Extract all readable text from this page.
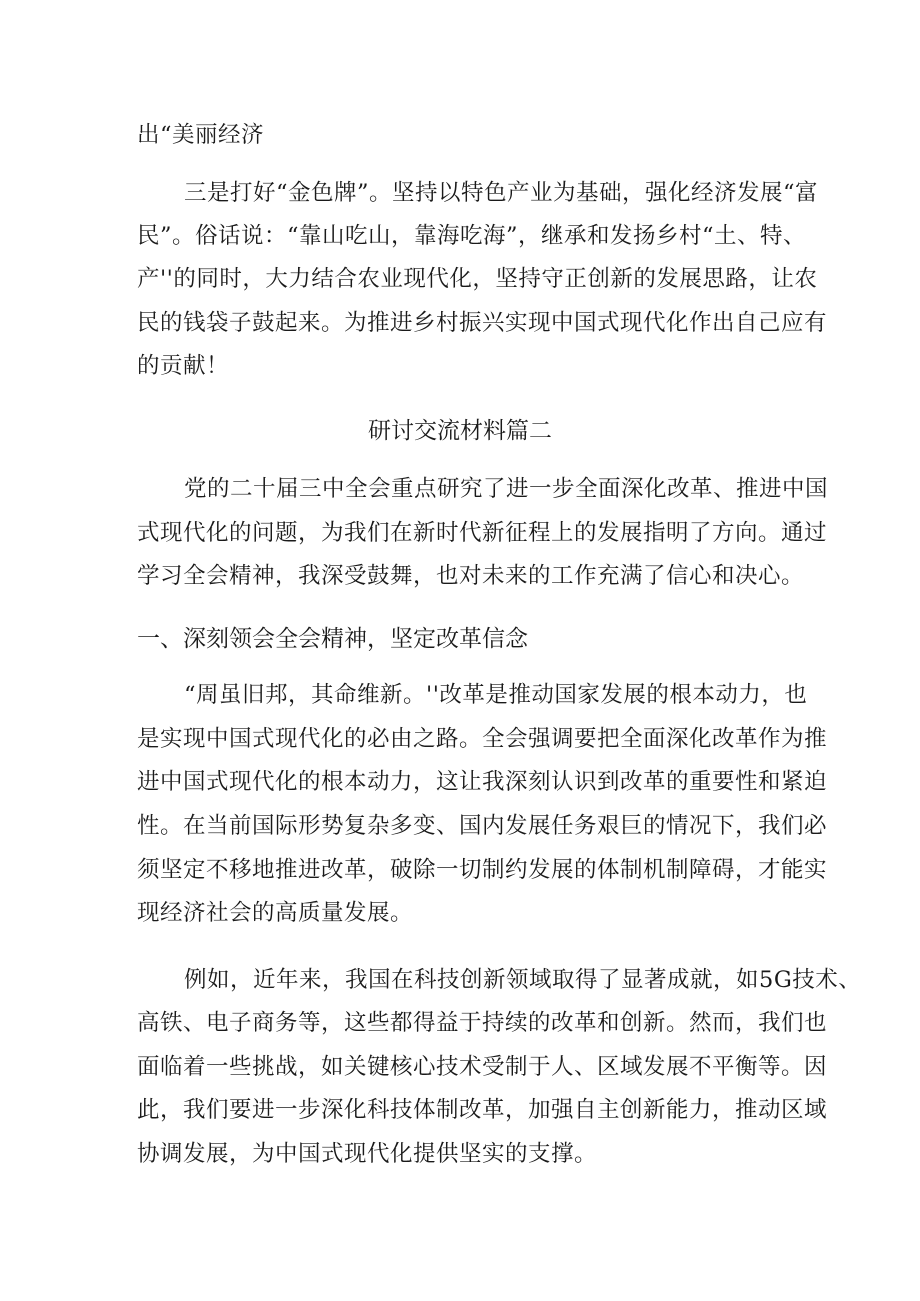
出“美丽经济
三是打好“金色牌”。坚持以特色产业为基础，强化经济发展“富
民”。俗话说：“靠山吃山，靠海吃海”，继承和发扬乡村“土、特、
产''的同时，大力结合农业现代化，坚持守正创新的发展思路，让农
民的钱袋子鼓起来。为推进乡村振兴实现中国式现代化作出自己应有
的贡献！
研讨交流材料篇二
党的二十届三中全会重点研究了进一步全面深化改革、推进中国
式现代化的问题，为我们在新时代新征程上的发展指明了方向。通过
学习全会精神，我深受鼓舞，也对未来的工作充满了信心和决心。
一、深刻领会全会精神，坚定改革信念
“周虽旧邦，其命维新。''改革是推动国家发展的根本动力，也
是实现中国式现代化的必由之路。全会强调要把全面深化改革作为推
进中国式现代化的根本动力，这让我深刻认识到改革的重要性和紧迫
性。在当前国际形势复杂多变、国内发展任务艰巨的情况下，我们必
须坚定不移地推进改革，破除一切制约发展的体制机制障碍，才能实
现经济社会的高质量发展。
例如，近年来，我国在科技创新领域取得了显著成就，如5G技术、
高铁、电子商务等，这些都得益于持续的改革和创新。然而，我们也
面临着一些挑战，如关键核心技术受制于人、区域发展不平衡等。因
此，我们要进一步深化科技体制改革，加强自主创新能力，推动区域
协调发展，为中国式现代化提供坚实的支撑。
